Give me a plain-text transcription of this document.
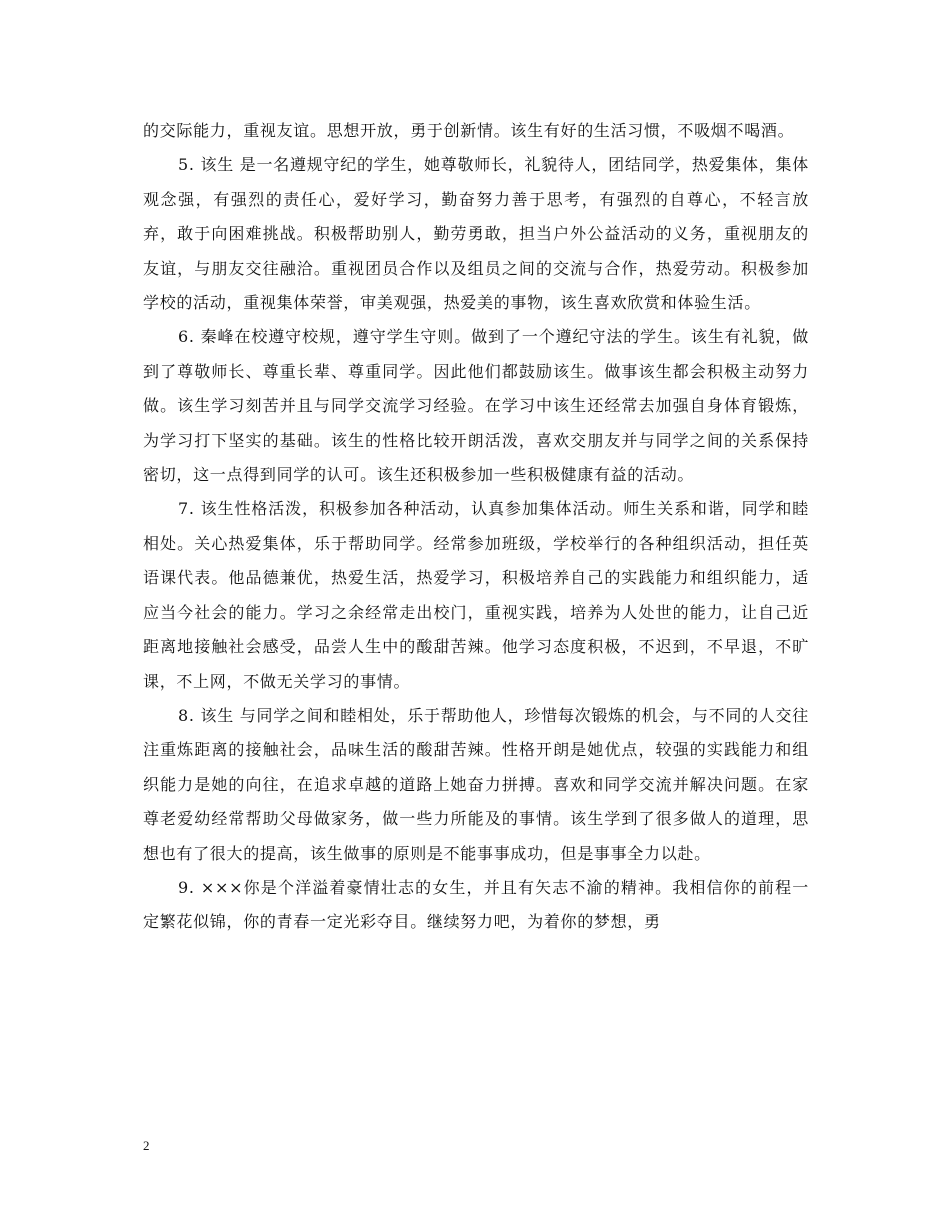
的交际能力，重视友谊。思想开放，勇于创新情。该生有好的生活习惯，不吸烟不喝酒。

5. 该生 是一名遵规守纪的学生，她尊敬师长，礼貌待人，团结同学，热爱集体，集体观念强，有强烈的责任心，爱好学习，勤奋努力善于思考，有强烈的自尊心，不轻言放弃，敢于向困难挑战。积极帮助别人，勤劳勇敢，担当户外公益活动的义务，重视朋友的友谊，与朋友交往融洽。重视团员合作以及组员之间的交流与合作，热爱劳动。积极参加学校的活动，重视集体荣誉，审美观强，热爱美的事物，该生喜欢欣赏和体验生活。

6. 秦峰在校遵守校规，遵守学生守则。做到了一个遵纪守法的学生。该生有礼貌，做到了尊敬师长、尊重长辈、尊重同学。因此他们都鼓励该生。做事该生都会积极主动努力做。该生学习刻苦并且与同学交流学习经验。在学习中该生还经常去加强自身体育锻炼，为学习打下坚实的基础。该生的性格比较开朗活泼，喜欢交朋友并与同学之间的关系保持密切，这一点得到同学的认可。该生还积极参加一些积极健康有益的活动。

7. 该生性格活泼，积极参加各种活动，认真参加集体活动。师生关系和谐，同学和睦相处。关心热爱集体，乐于帮助同学。经常参加班级，学校举行的各种组织活动，担任英语课代表。他品德兼优，热爱生活，热爱学习，积极培养自己的实践能力和组织能力，适应当今社会的能力。学习之余经常走出校门，重视实践，培养为人处世的能力，让自己近距离地接触社会感受，品尝人生中的酸甜苦辣。他学习态度积极，不迟到，不早退，不旷课，不上网，不做无关学习的事情。

8. 该生 与同学之间和睦相处，乐于帮助他人，珍惜每次锻炼的机会，与不同的人交往注重炼距离的接触社会，品味生活的酸甜苦辣。性格开朗是她优点，较强的实践能力和组织能力是她的向往，在追求卓越的道路上她奋力拼搏。喜欢和同学交流并解决问题。在家尊老爱幼经常帮助父母做家务，做一些力所能及的事情。该生学到了很多做人的道理，思想也有了很大的提高，该生做事的原则是不能事事成功，但是事事全力以赴。

9. ×××你是个洋溢着豪情壮志的女生，并且有矢志不渝的精神。我相信你的前程一定繁花似锦，你的青春一定光彩夺目。继续努力吧，为着你的梦想，勇

2
